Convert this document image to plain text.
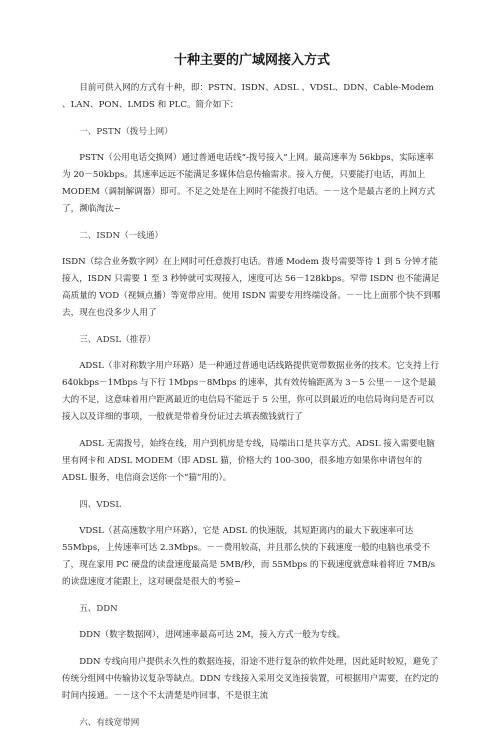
十种主要的广域网接入方式

目前可供入网的方式有十种，即：PSTN、ISDN、ADSL 、VDSL、DDN、Cable-Modem 、LAN、PON、LMDS 和 PLC。简介如下：

一、PSTN（拨号上网）

PSTN（公用电话交换网）通过普通电话线“-拨号接入”上网。最高速率为 56kbps，实际速率为 20－50kbps。其速率远远不能满足多媒体信息传输需求。接入方便，只要能打电话，再加上 MODEM（调制解调器）即可。不足之处是在上网时不能拨打电话。－－这个是最古老的上网方式了，濒临淘汰~

二、ISDN（一线通）

ISDN（综合业务数字网）在上网时可任意拨打电话。普通 Modem 拨号需要等待 1 到 5 分钟才能接入，ISDN 只需要 1 至 3 秒钟就可实现接入，速度可达 56－128kbps。窄带 ISDN 也不能满足高质量的 VOD（视频点播）等宽带应用。使用 ISDN 需要专用终端设备。－－比上面那个快不到哪去，现在也没多少人用了

三、ADSL（推荐）

ADSL（非对称数字用户环路）是一种通过普通电话线路提供宽带数据业务的技术。它支持上行 640kbps－1Mbps 与下行 1Mbps－8Mbps 的速率，其有效传输距离为 3－5 公里－－这个是最大的不足，这意味着用户距离最近的电信局不能远于 5 公里，你可以到最近的电信局询问是否可以接入以及详细的事项，一般就是带着身份证过去填表缴钱就行了

ADSL 无需拨号，始终在线，用户到机房是专线，局端出口是共享方式。ADSL 接入需要电脑里有网卡和 ADSL MODEM（即 ADSL 猫，价格大约 100-300，很多地方如果你申请包年的 ADSL 服务，电信商会送你一个“猫”用的）。

四、VDSL

VDSL（甚高速数字用户环路），它是 ADSL 的快速版，其短距离内的最大下载速率可达 55Mbps，上传速率可达 2.3Mbps。－－费用较高，并且那么快的下载速度一般的电脑也承受不了，现在家用 PC 硬盘的读盘速度最高是 5MB/秒，而 55Mbps 的下载速度就意味着将近 7MB/s 的读盘速度才能跟上，这对硬盘是很大的考验~

五、DDN

DDN（数字数据网），进网速率最高可达 2M，接入方式一般为专线。

DDN 专线向用户提供永久性的数据连接，沿途不进行复杂的软件处理，因此延时较短，避免了传统分组网中传输协议复杂等缺点。DDN 专线接入采用交叉连接装置，可根据用户需要，在约定的时间内接通。－－这个不太清楚是咋回事，不是很主流

六、有线宽带网
